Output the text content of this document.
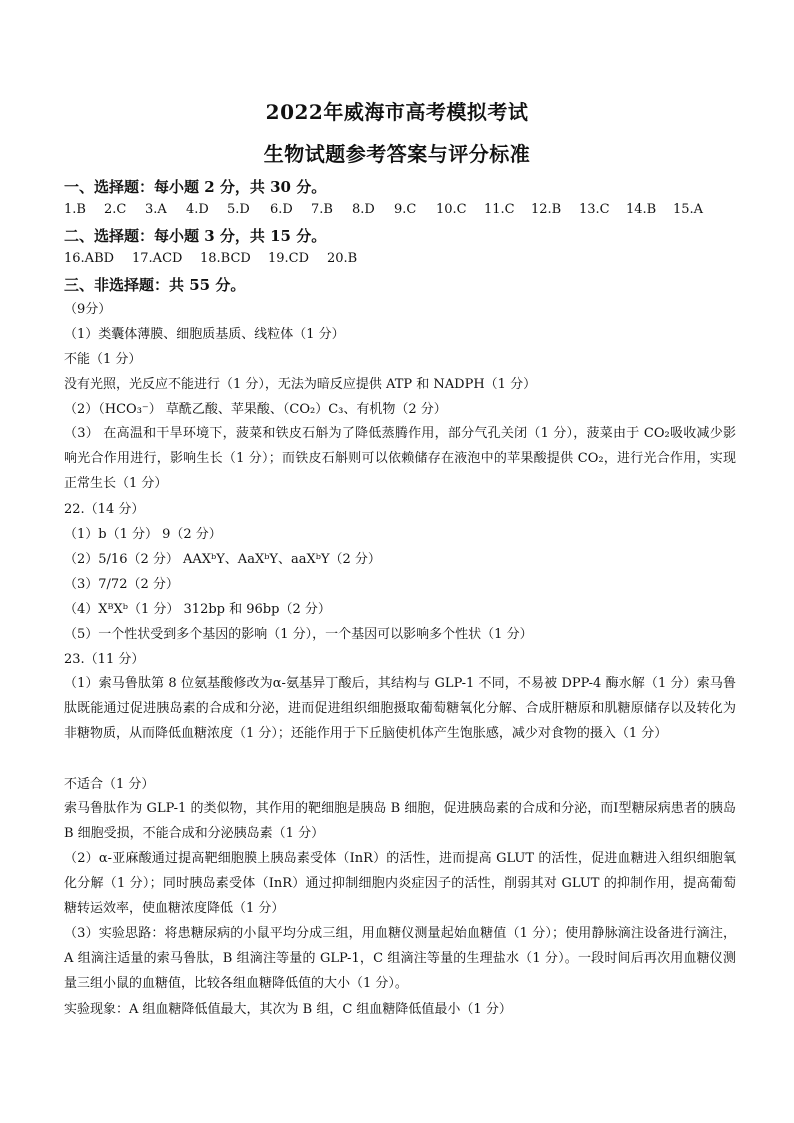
2022年威海市高考模拟考试
生物试题参考答案与评分标准
一、选择题：每小题 2 分，共 30 分。
1.B 2.C 3.A 4.D 5.D 6.D 7.B 8.D 9.C 10.C 11.C 12.B 13.C 14.B 15.A
二、选择题：每小题 3 分，共 15 分。
16.ABD 17.ACD 18.BCD 19.CD 20.B
三、非选择题：共 55 分。
（9分）
（1）类囊体薄膜、细胞质基质、线粒体（1 分）
不能（1 分）
没有光照，光反应不能进行（1 分），无法为暗反应提供 ATP 和 NADPH（1 分）
（2）（HCO₃⁻） 草酰乙酸、苹果酸、（CO₂）C₃、有机物（2 分）
（3） 在高温和干旱环境下，菠菜和铁皮石斛为了降低蒸腾作用，部分气孔关闭（1 分），菠菜由于 CO₂吸收减少影响光合作用进行，影响生长（1 分）；而铁皮石斛则可以依赖储存在液泡中的苹果酸提供 CO₂，进行光合作用，实现正常生长（1 分）
22.（14 分）
（1）b（1 分） 9（2 分）
（2）5/16（2 分） AAXᵇY、AaXᵇY、aaXᵇY（2 分）
（3）7/72（2 分）
（4）XᴮXᵇ（1 分） 312bp 和 96bp（2 分）
（5）一个性状受到多个基因的影响（1 分），一个基因可以影响多个性状（1 分）
23.（11 分）
（1）索马鲁肽第 8 位氨基酸修改为α-氨基异丁酸后，其结构与 GLP-1 不同，不易被 DPP-4 酶水解（1 分）索马鲁肽既能通过促进胰岛素的合成和分泌，进而促进组织细胞摄取葡萄糖氧化分解、合成肝糖原和肌糖原储存以及转化为非糖物质，从而降低血糖浓度（1 分）；还能作用于下丘脑使机体产生饱胀感，减少对食物的摄入（1 分）
不适合（1 分）
索马鲁肽作为 GLP-1 的类似物，其作用的靶细胞是胰岛 B 细胞，促进胰岛素的合成和分泌，而Ⅰ型糖尿病患者的胰岛 B 细胞受损，不能合成和分泌胰岛素（1 分）
（2）α-亚麻酸通过提高靶细胞膜上胰岛素受体（InR）的活性，进而提高 GLUT 的活性，促进血糖进入组织细胞氧化分解（1 分）；同时胰岛素受体（InR）通过抑制细胞内炎症因子的活性，削弱其对 GLUT 的抑制作用，提高葡萄糖转运效率，使血糖浓度降低（1 分）
（3）实验思路：将患糖尿病的小鼠平均分成三组，用血糖仪测量起始血糖值（1 分）；使用静脉滴注设备进行滴注，A 组滴注适量的索马鲁肽，B 组滴注等量的 GLP-1，C 组滴注等量的生理盐水（1 分）。一段时间后再次用血糖仪测量三组小鼠的血糖值，比较各组血糖降低值的大小（1 分）。
实验现象：A 组血糖降低值最大，其次为 B 组，C 组血糖降低值最小（1 分）
